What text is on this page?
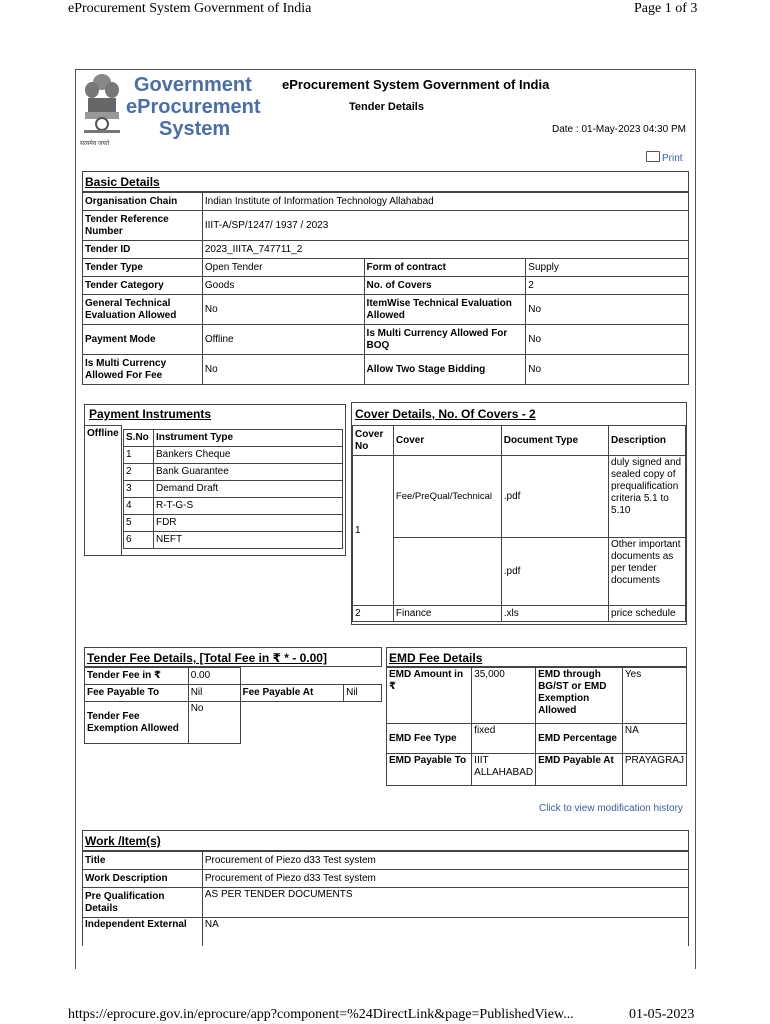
eProcurement System Government of India	Page 1 of 3
https://eprocure.gov.in/eprocure/app?component=%24DirectLink&page=PublishedView...	01-05-2023
सत्यमेव जयते
Government
eProcurement
System
eProcurement System Government of India
Tender Details
Date : 01-May-2023 04:30 PM
Print
Basic Details
Organisation Chain	Indian Institute of Information Technology Allahabad		
Tender Reference Number	IIIT-A/SP/1247/ 1937 / 2023		
Tender ID	2023_IIITA_747711_2		
Tender Type	Open Tender	Form of contract	Supply
Tender Category	Goods	No. of Covers	2
General Technical Evaluation Allowed	No	ItemWise Technical Evaluation Allowed	No
Payment Mode	Offline	Is Multi Currency Allowed For BOQ	No
Is Multi Currency Allowed For Fee	No	Allow Two Stage Bidding	No
Payment Instruments
Offline S.No	Instrument Type
1	Bankers Cheque
2	Bank Guarantee
3	Demand Draft
4	R-T-G-S
5	FDR
6	NEFT
Cover Details, No. Of Covers - 2
Cover No	Cover	Document Type	Description
1	Fee/PreQual/Technical	.pdf	duly signed and sealed copy of prequalification criteria 5.1 to 5.10
		.pdf	Other important documents as per tender documents
2	Finance	.xls	price schedule
Tender Fee Details, [Total Fee in ₹ * - 0.00]
Tender Fee in ₹	0.00		
Fee Payable To	Nil	Fee Payable At	Nil
Tender Fee Exemption Allowed	No		
EMD Fee Details
EMD Amount in ₹	35,000	EMD through BG/ST or EMD Exemption Allowed	Yes
EMD Fee Type	fixed	EMD Percentage	NA
EMD Payable To	IIIT ALLAHABAD	EMD Payable At	PRAYAGRAJ
Click to view modification history
Work /Item(s)
Title	Procurement of Piezo d33 Test system
Work Description	Procurement of Piezo d33 Test system
Pre Qualification Details	AS PER TENDER DOCUMENTS
Independent External	NA
